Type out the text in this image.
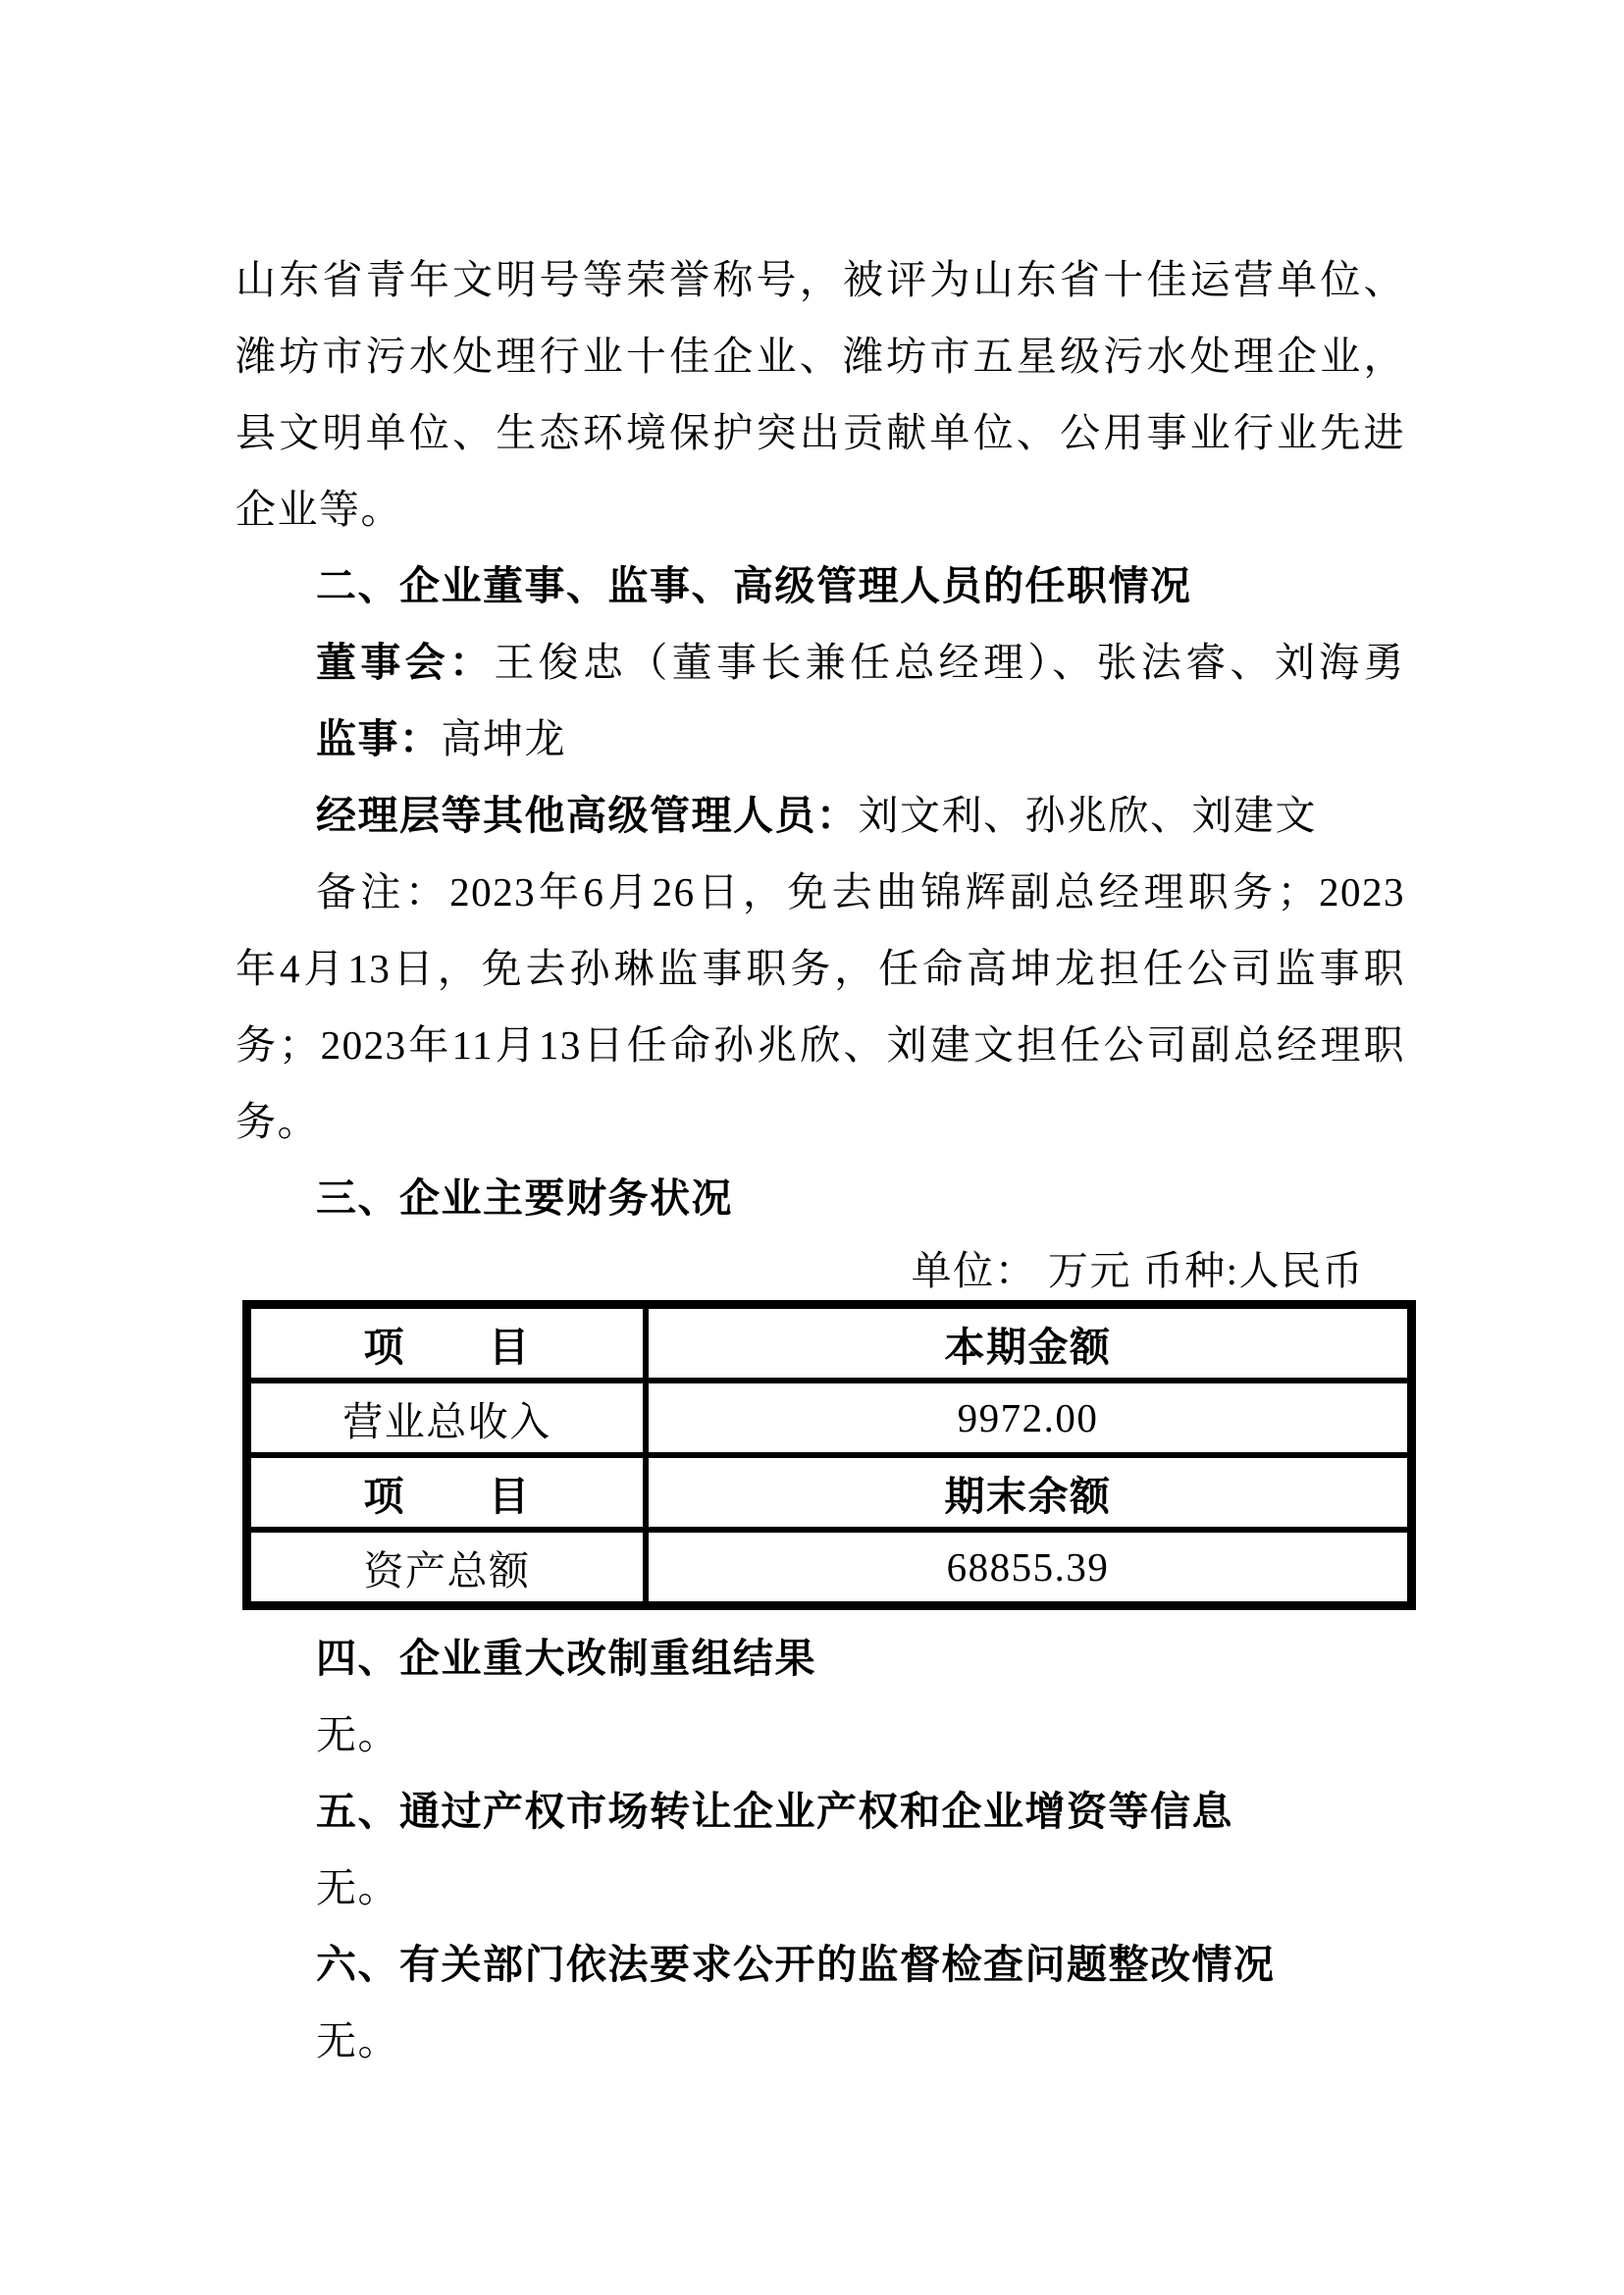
山东省青年文明号等荣誉称号，被评为山东省十佳运营单位、
潍坊市污水处理行业十佳企业、潍坊市五星级污水处理企业，
县文明单位、生态环境保护突出贡献单位、公用事业行业先进
企业等。
二、企业董事、监事、高级管理人员的任职情况
董事会：王俊忠（董事长兼任总经理）、张法睿、刘海勇
监事：高坤龙
经理层等其他高级管理人员：刘文利、孙兆欣、刘建文
备注：2023年6月26日，免去曲锦辉副总经理职务；2023
年4月13日，免去孙琳监事职务，任命高坤龙担任公司监事职
务；2023年11月13日任命孙兆欣、刘建文担任公司副总经理职
务。
三、企业主要财务状况
单位： 万元 币种:人民币
项　　目	本期金额
营业总收入	9972.00
项　　目	期末余额
资产总额	68855.39
四、企业重大改制重组结果
无。
五、通过产权市场转让企业产权和企业增资等信息
无。
六、有关部门依法要求公开的监督检查问题整改情况
无。
